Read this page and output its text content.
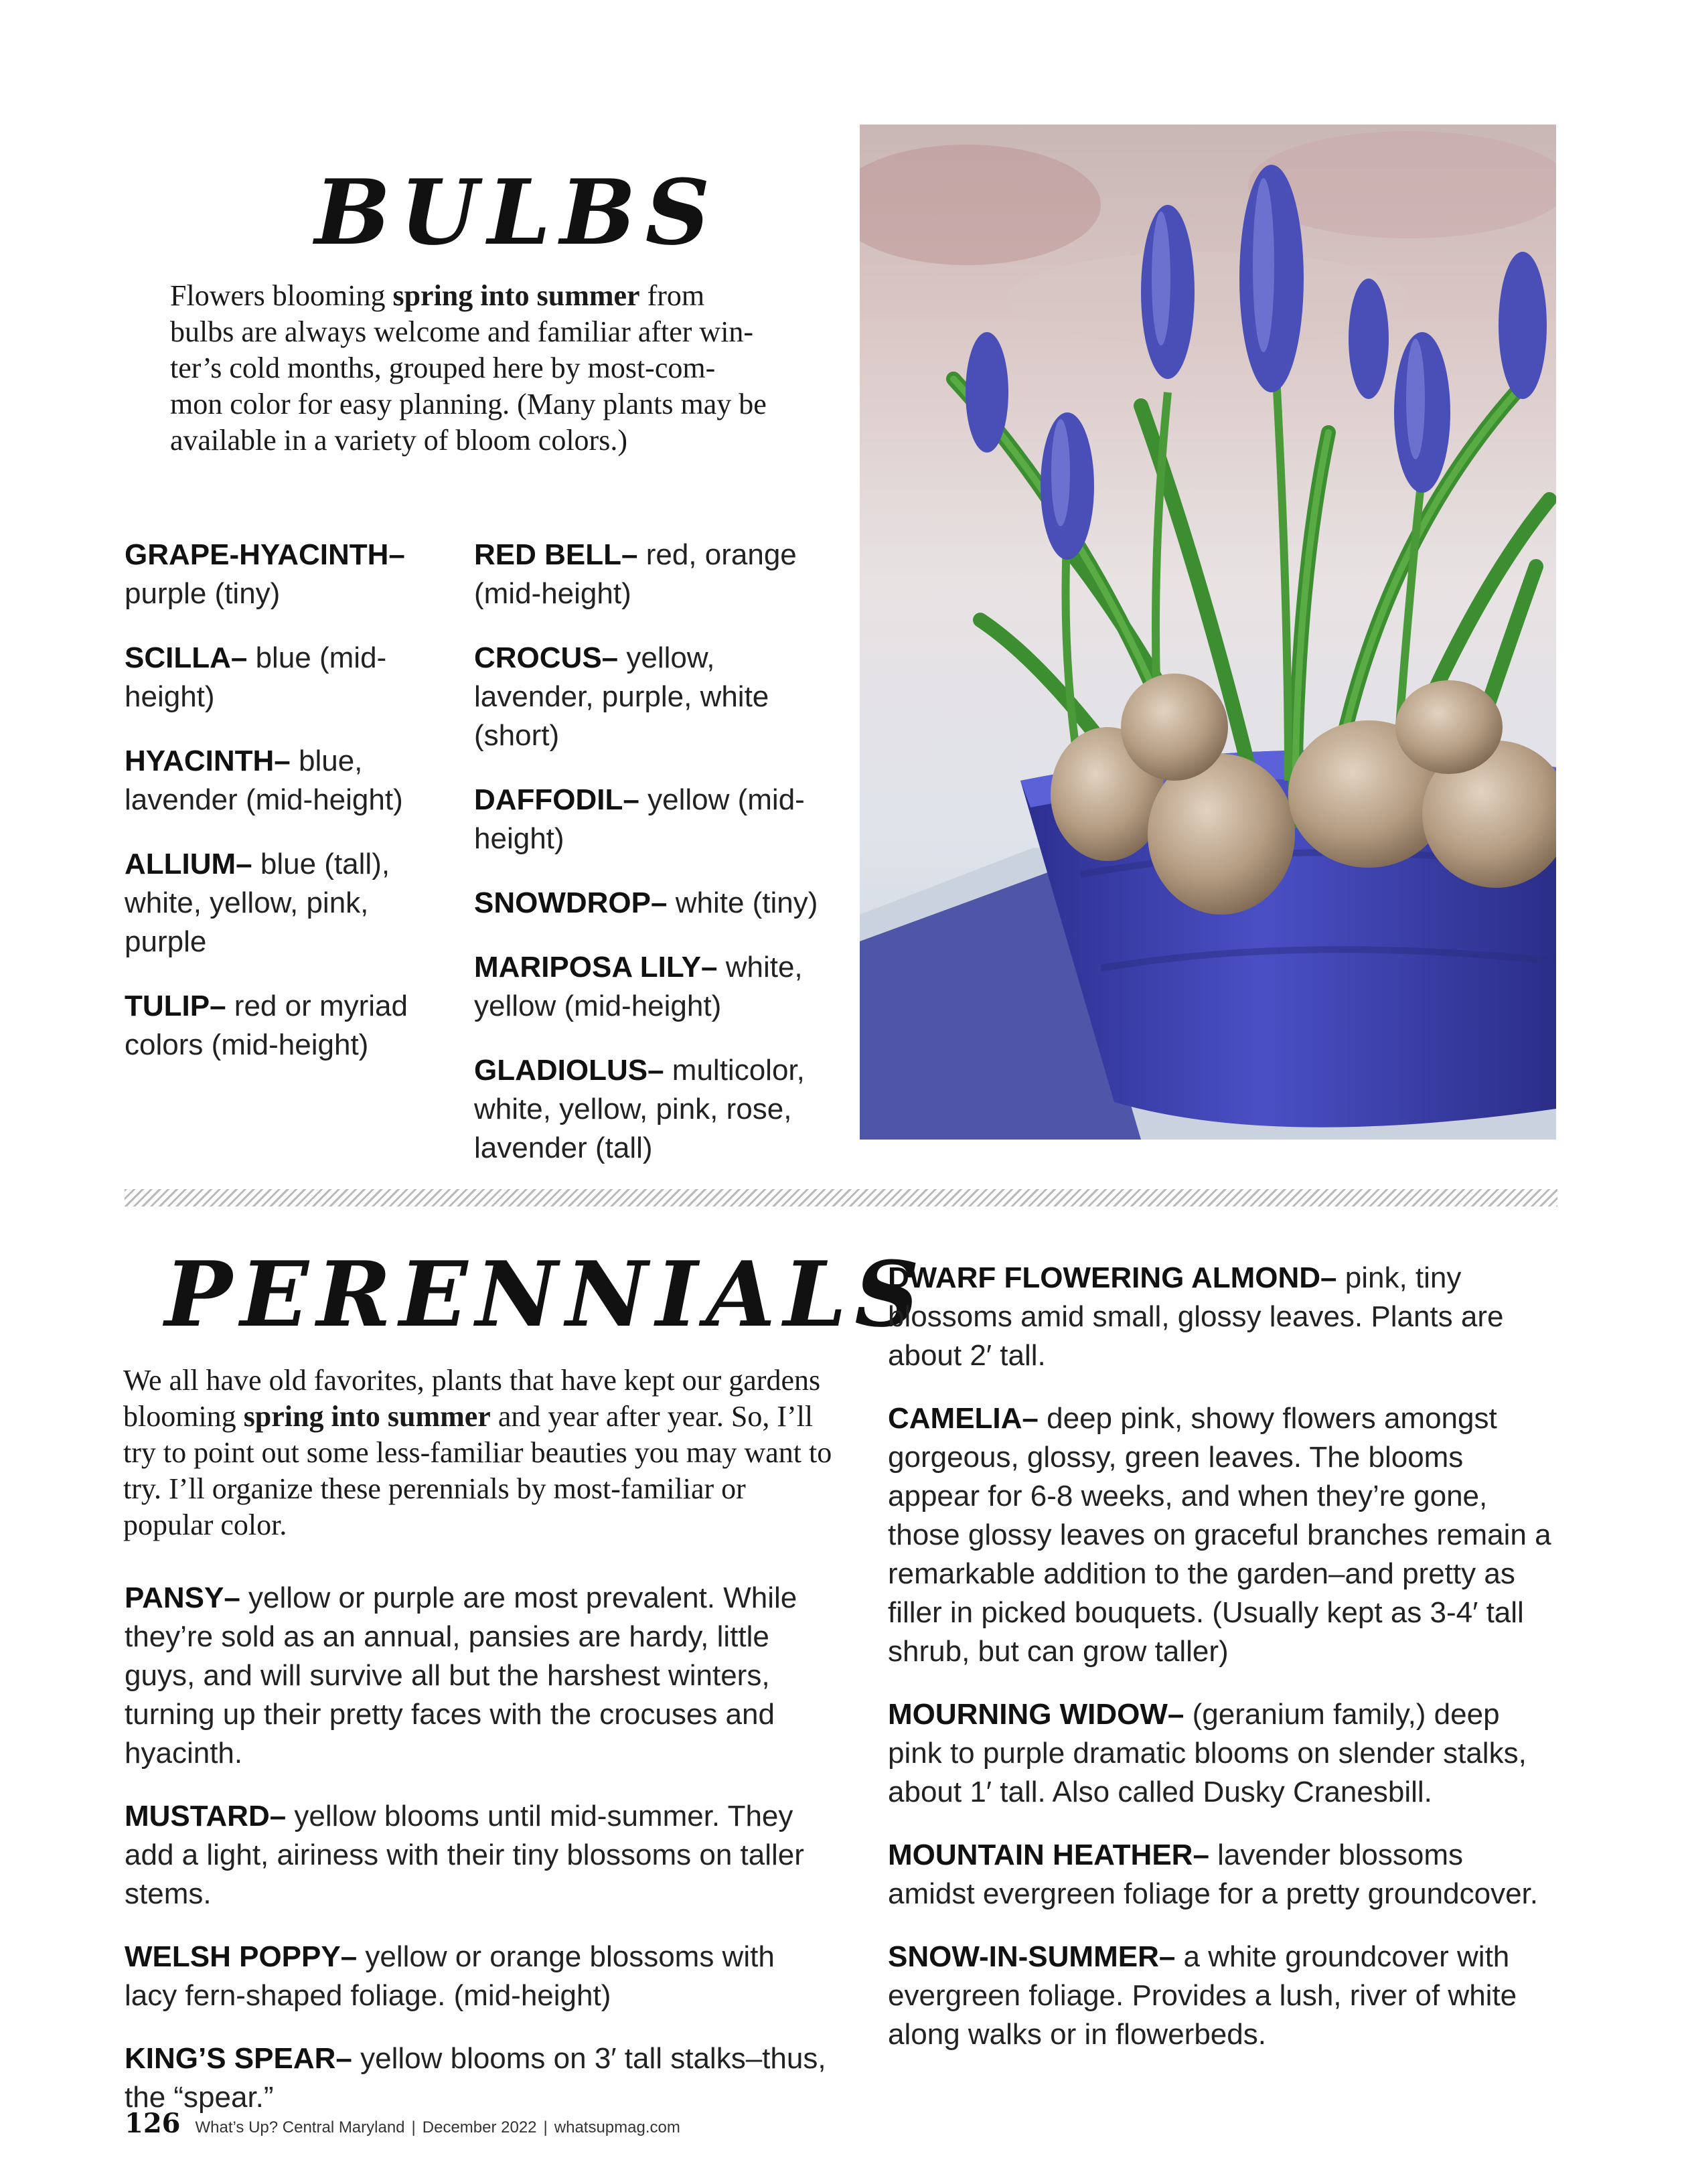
BULBS

Flowers blooming spring into summer from bulbs are always welcome and familiar after win- ter’s cold months, grouped here by most-com- mon color for easy planning. (Many plants may be available in a variety of bloom colors.)

GRAPE-HYACINTH– purple (tiny)

SCILLA– blue (mid-height)

HYACINTH– blue, lavender (mid-height)

ALLIUM– blue (tall), white, yellow, pink, purple

TULIP– red or myriad colors (mid-height)

RED BELL– red, orange (mid-height)

CROCUS– yellow, lavender, purple, white (short)

DAFFODIL– yellow (mid-height)

SNOWDROP– white (tiny)

MARIPOSA LILY– white, yellow (mid-height)

GLADIOLUS– multicolor, white, yellow, pink, rose, lavender (tall)

PERENNIALS

We all have old favorites, plants that have kept our gardens blooming spring into summer and year after year. So, I’ll try to point out some less-familiar beauties you may want to try. I’ll organize these perennials by most-familiar or popular color.

PANSY– yellow or purple are most prevalent. While they’re sold as an annual, pansies are hardy, little guys, and will survive all but the harshest winters, turning up their pretty faces with the crocuses and hyacinth.

MUSTARD– yellow blooms until mid-summer. They add a light, airiness with their tiny blossoms on taller stems.

WELSH POPPY– yellow or orange blossoms with lacy fern-shaped foliage. (mid-height)

KING’S SPEAR– yellow blooms on 3′ tall stalks–thus, the “spear.”

DWARF FLOWERING ALMOND– pink, tiny blossoms amid small, glossy leaves. Plants are about 2′ tall.

CAMELIA– deep pink, showy flowers amongst gorgeous, glossy, green leaves. The blooms appear for 6-8 weeks, and when they’re gone, those glossy leaves on graceful branches remain a remarkable addition to the garden–and pretty as filler in picked bouquets. (Usually kept as 3-4′ tall shrub, but can grow taller)

MOURNING WIDOW– (geranium family,) deep pink to purple dramatic blooms on slender stalks, about 1′ tall. Also called Dusky Cranesbill.

MOUNTAIN HEATHER– lavender blossoms amidst evergreen foliage for a pretty groundcover.

SNOW-IN-SUMMER– a white groundcover with evergreen foliage. Provides a lush, river of white along walks or in flowerbeds.

126 What’s Up? Central Maryland | December 2022 | whatsupmag.com
